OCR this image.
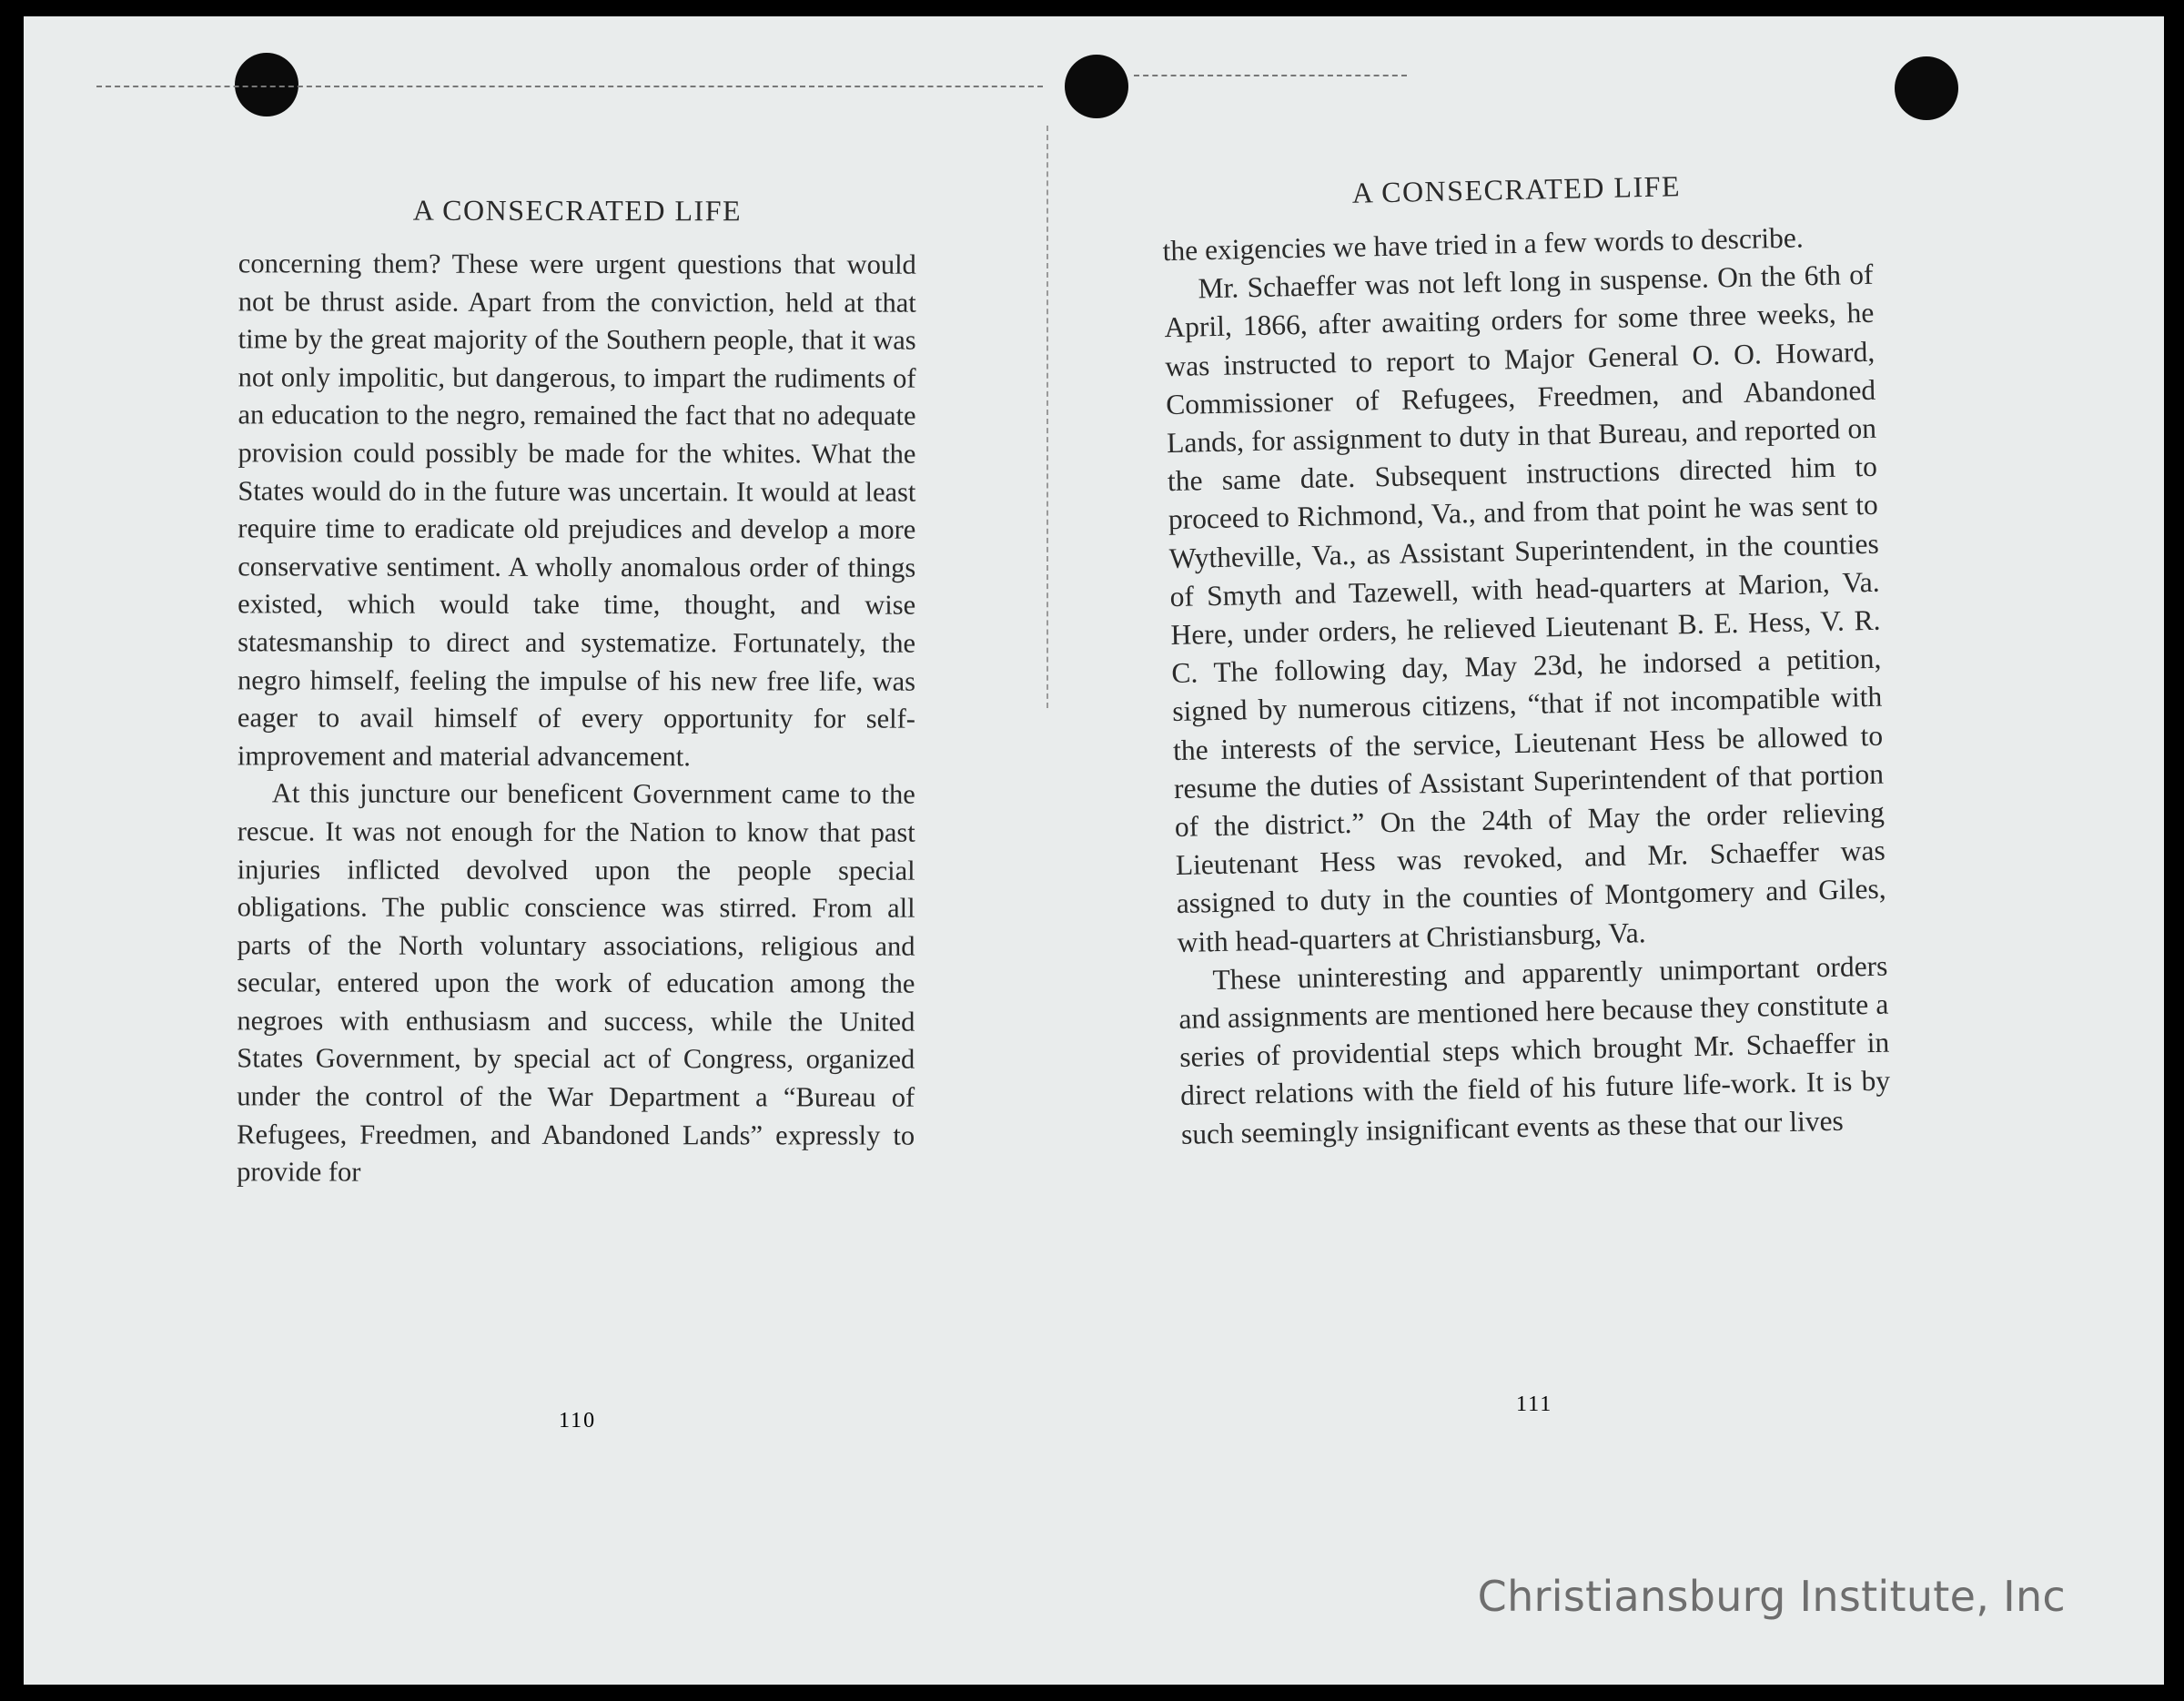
A CONSECRATED LIFE

concerning them? These were urgent questions that would not be thrust aside. Apart from the conviction, held at that time by the great majority of the Southern people, that it was not only impolitic, but dangerous, to impart the rudiments of an education to the negro, remained the fact that no adequate provision could possibly be made for the whites. What the States would do in the future was uncertain. It would at least require time to eradicate old prejudices and develop a more conservative sentiment. A wholly anomalous order of things existed, which would take time, thought, and wise statesmanship to direct and systematize. Fortunately, the negro himself, feeling the impulse of his new free life, was eager to avail himself of every opportunity for self-improvement and material advancement.

At this juncture our beneficent Government came to the rescue. It was not enough for the Nation to know that past injuries inflicted devolved upon the people special obligations. The public conscience was stirred. From all parts of the North voluntary associations, religious and secular, entered upon the work of education among the negroes with enthusiasm and success, while the United States Government, by special act of Congress, organized under the control of the War Department a “Bureau of Refugees, Freedmen, and Abandoned Lands” expressly to provide for

110
A CONSECRATED LIFE

the exigencies we have tried in a few words to describe.

Mr. Schaeffer was not left long in suspense. On the 6th of April, 1866, after awaiting orders for some three weeks, he was instructed to report to Major General O. O. Howard, Commissioner of Refugees, Freedmen, and Abandoned Lands, for assignment to duty in that Bureau, and reported on the same date. Subsequent instructions directed him to proceed to Richmond, Va., and from that point he was sent to Wytheville, Va., as Assistant Superintendent, in the counties of Smyth and Tazewell, with head-quarters at Marion, Va. Here, under orders, he relieved Lieutenant B. E. Hess, V. R. C. The following day, May 23d, he indorsed a petition, signed by numerous citizens, “that if not incompatible with the interests of the service, Lieutenant Hess be allowed to resume the duties of Assistant Superintendent of that portion of the district.” On the 24th of May the order relieving Lieutenant Hess was revoked, and Mr. Schaeffer was assigned to duty in the counties of Montgomery and Giles, with head-quarters at Christiansburg, Va.

These uninteresting and apparently unimportant orders and assignments are mentioned here because they constitute a series of providential steps which brought Mr. Schaeffer in direct relations with the field of his future life-work. It is by such seemingly insignificant events as these that our lives

111
Christiansburg Institute, Inc
